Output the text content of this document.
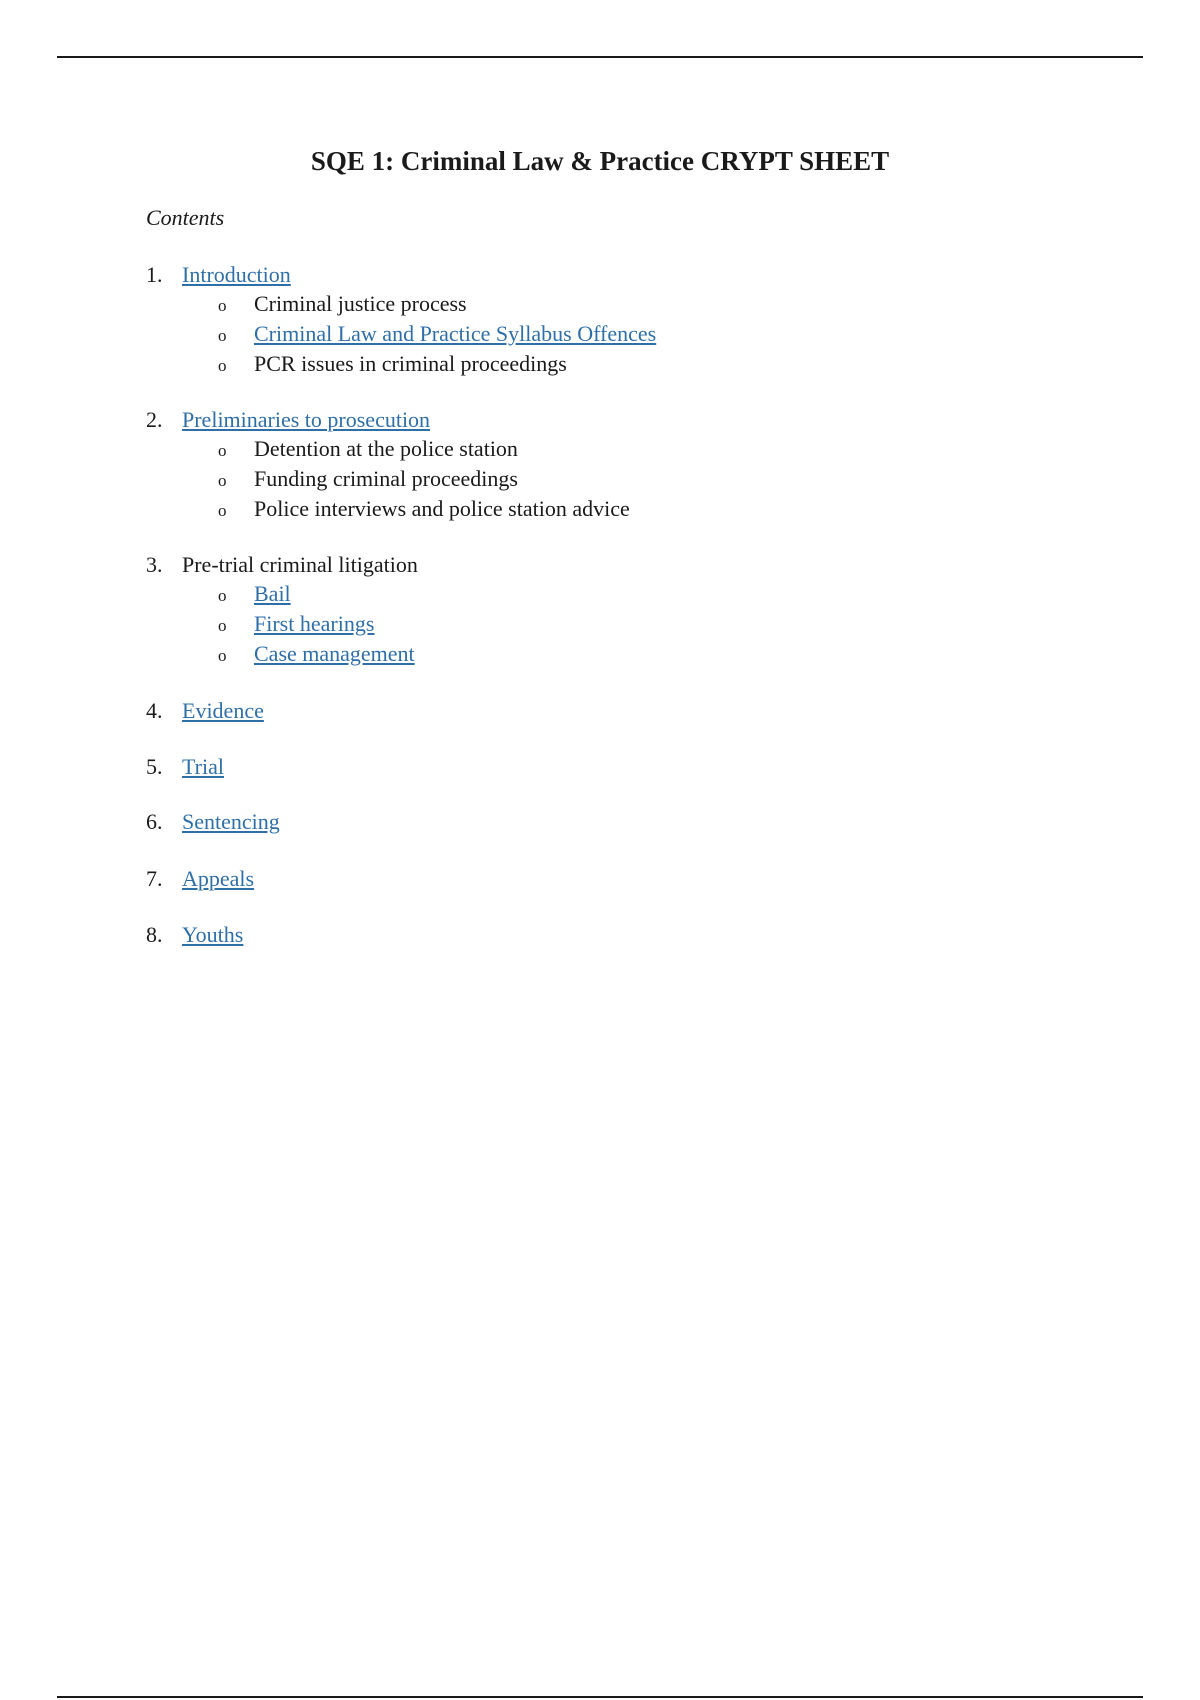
SQE 1: Criminal Law & Practice CRYPT SHEET

Contents

1. Introduction
o Criminal justice process
o Criminal Law and Practice Syllabus Offences
o PCR issues in criminal proceedings
2. Preliminaries to prosecution
o Detention at the police station
o Funding criminal proceedings
o Police interviews and police station advice
3. Pre-trial criminal litigation
o Bail
o First hearings
o Case management
4. Evidence
5. Trial
6. Sentencing
7. Appeals
8. Youths
